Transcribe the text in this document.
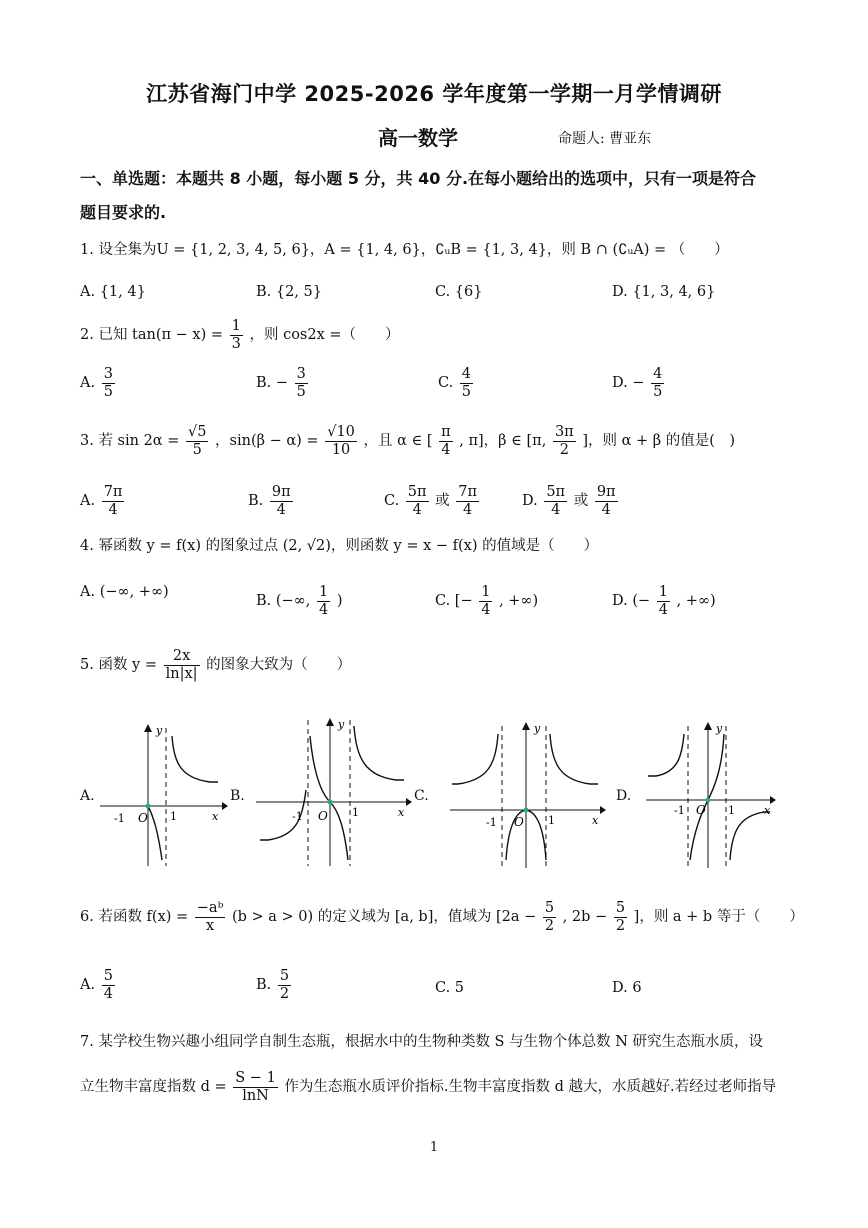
江苏省海门中学 2025-2026 学年度第一学期一月学情调研
高一数学	命题人: 曹亚东
一、单选题：本题共 8 小题，每小题 5 分，共 40 分.在每小题给出的选项中，只有一项是符合
题目要求的.
1. 设全集为U = {1, 2, 3, 4, 5, 6}，A = {1, 4, 6}，∁ᵤB = {1, 3, 4}，则 B ∩ (∁ᵤA) = （　　）
A. {1, 4}	B. {2, 5}	C. {6}	D. {1, 3, 4, 6}
2. 已知 $\tan(\pi - x) = \frac{1}{3}$ ，则 cos2x =（　　）
A. $\frac{3}{5}$	B. − $\frac{3}{5}$	C. $\frac{4}{5}$	D. − $\frac{4}{5}$
3. 若 $\sin 2\alpha = \frac{√5}{5}$ ，$\sin(\beta - \alpha) = \frac{√10}{10}$ ，且 α ∈ [ $\frac{\pi}{4}$ , π]，β ∈ [π, $\frac{3\pi}{2}$ ]，则 α + β 的值是(　)
A. $\frac{7\pi}{4}$	B. $\frac{9\pi}{4}$	C. $\frac{5\pi}{4}$ 或 $\frac{7\pi}{4}$	D. $\frac{5\pi}{4}$ 或 $\frac{9\pi}{4}$
4. 幂函数 y = f(x) 的图象过点 (2, √2)，则函数 y = x − f(x) 的值域是（　　）
A. (−∞, +∞)
B. (−∞, $\frac{1}{4}$ )	C. [− $\frac{1}{4}$ , +∞)	D. (− $\frac{1}{4}$ , +∞)
5. 函数 $y = \frac{2x}{\ln|x|}$ 的图象大致为（　　）
A.	B.	C.	D.
y
x
O
-1	1
y
x
O
-1	1
y
x
O
-1	1
y
x
O
-1	1
6. 若函数 $f(x) = \frac{\text{−aᵇ}}{x} (b > a > 0)$ 的定义域为 [a, b]，值域为 [$2a - \frac{5}{2}$ , $2b - \frac{5}{2}$ ]，则 a + b 等于（　　）
A. $\frac{5}{4}$	B. $\frac{5}{2}$	C. 5	D. 6
7. 某学校生物兴趣小组同学自制生态瓶，根据水中的生物种类数 S 与生物个体总数 N 研究生态瓶水质，设
立生物丰富度指数 $d = \frac{S - 1}{\ln N}$ 作为生态瓶水质评价指标.生物丰富度指数 d 越大，水质越好.若经过老师指导
1
